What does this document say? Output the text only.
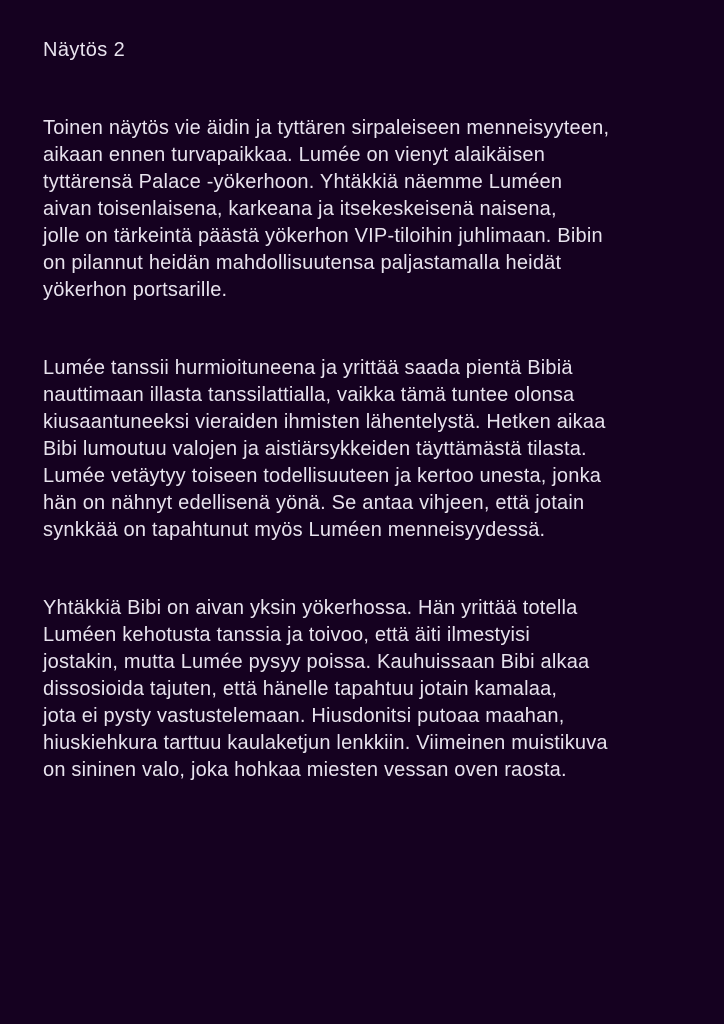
Näytös 2
Toinen näytös vie äidin ja tyttären sirpaleiseen menneisyyteen,
aikaan ennen turvapaikkaa. Lumée on vienyt alaikäisen
tyttärensä Palace -yökerhoon. Yhtäkkiä näemme Luméen
aivan toisenlaisena, karkeana ja itsekeskeisenä naisena,
jolle on tärkeintä päästä yökerhon VIP-tiloihin juhlimaan. Bibin
on pilannut heidän mahdollisuutensa paljastamalla heidät
yökerhon portsarille.
Lumée tanssii hurmioituneena ja yrittää saada pientä Bibiä
nauttimaan illasta tanssilattialla, vaikka tämä tuntee olonsa
kiusaantuneeksi vieraiden ihmisten lähentelystä. Hetken aikaa
Bibi lumoutuu valojen ja aistiärsykkeiden täyttämästä tilasta.
Lumée vetäytyy toiseen todellisuuteen ja kertoo unesta, jonka
hän on nähnyt edellisenä yönä. Se antaa vihjeen, että jotain
synkkää on tapahtunut myös Luméen menneisyydessä.
Yhtäkkiä Bibi on aivan yksin yökerhossa. Hän yrittää totella
Luméen kehotusta tanssia ja toivoo, että äiti ilmestyisi
jostakin, mutta Lumée pysyy poissa. Kauhuissaan Bibi alkaa
dissosioida tajuten, että hänelle tapahtuu jotain kamalaa,
jota ei pysty vastustelemaan. Hiusdonitsi putoaa maahan,
hiuskiehkura tarttuu kaulaketjun lenkkiin. Viimeinen muistikuva
on sininen valo, joka hohkaa miesten vessan oven raosta.
